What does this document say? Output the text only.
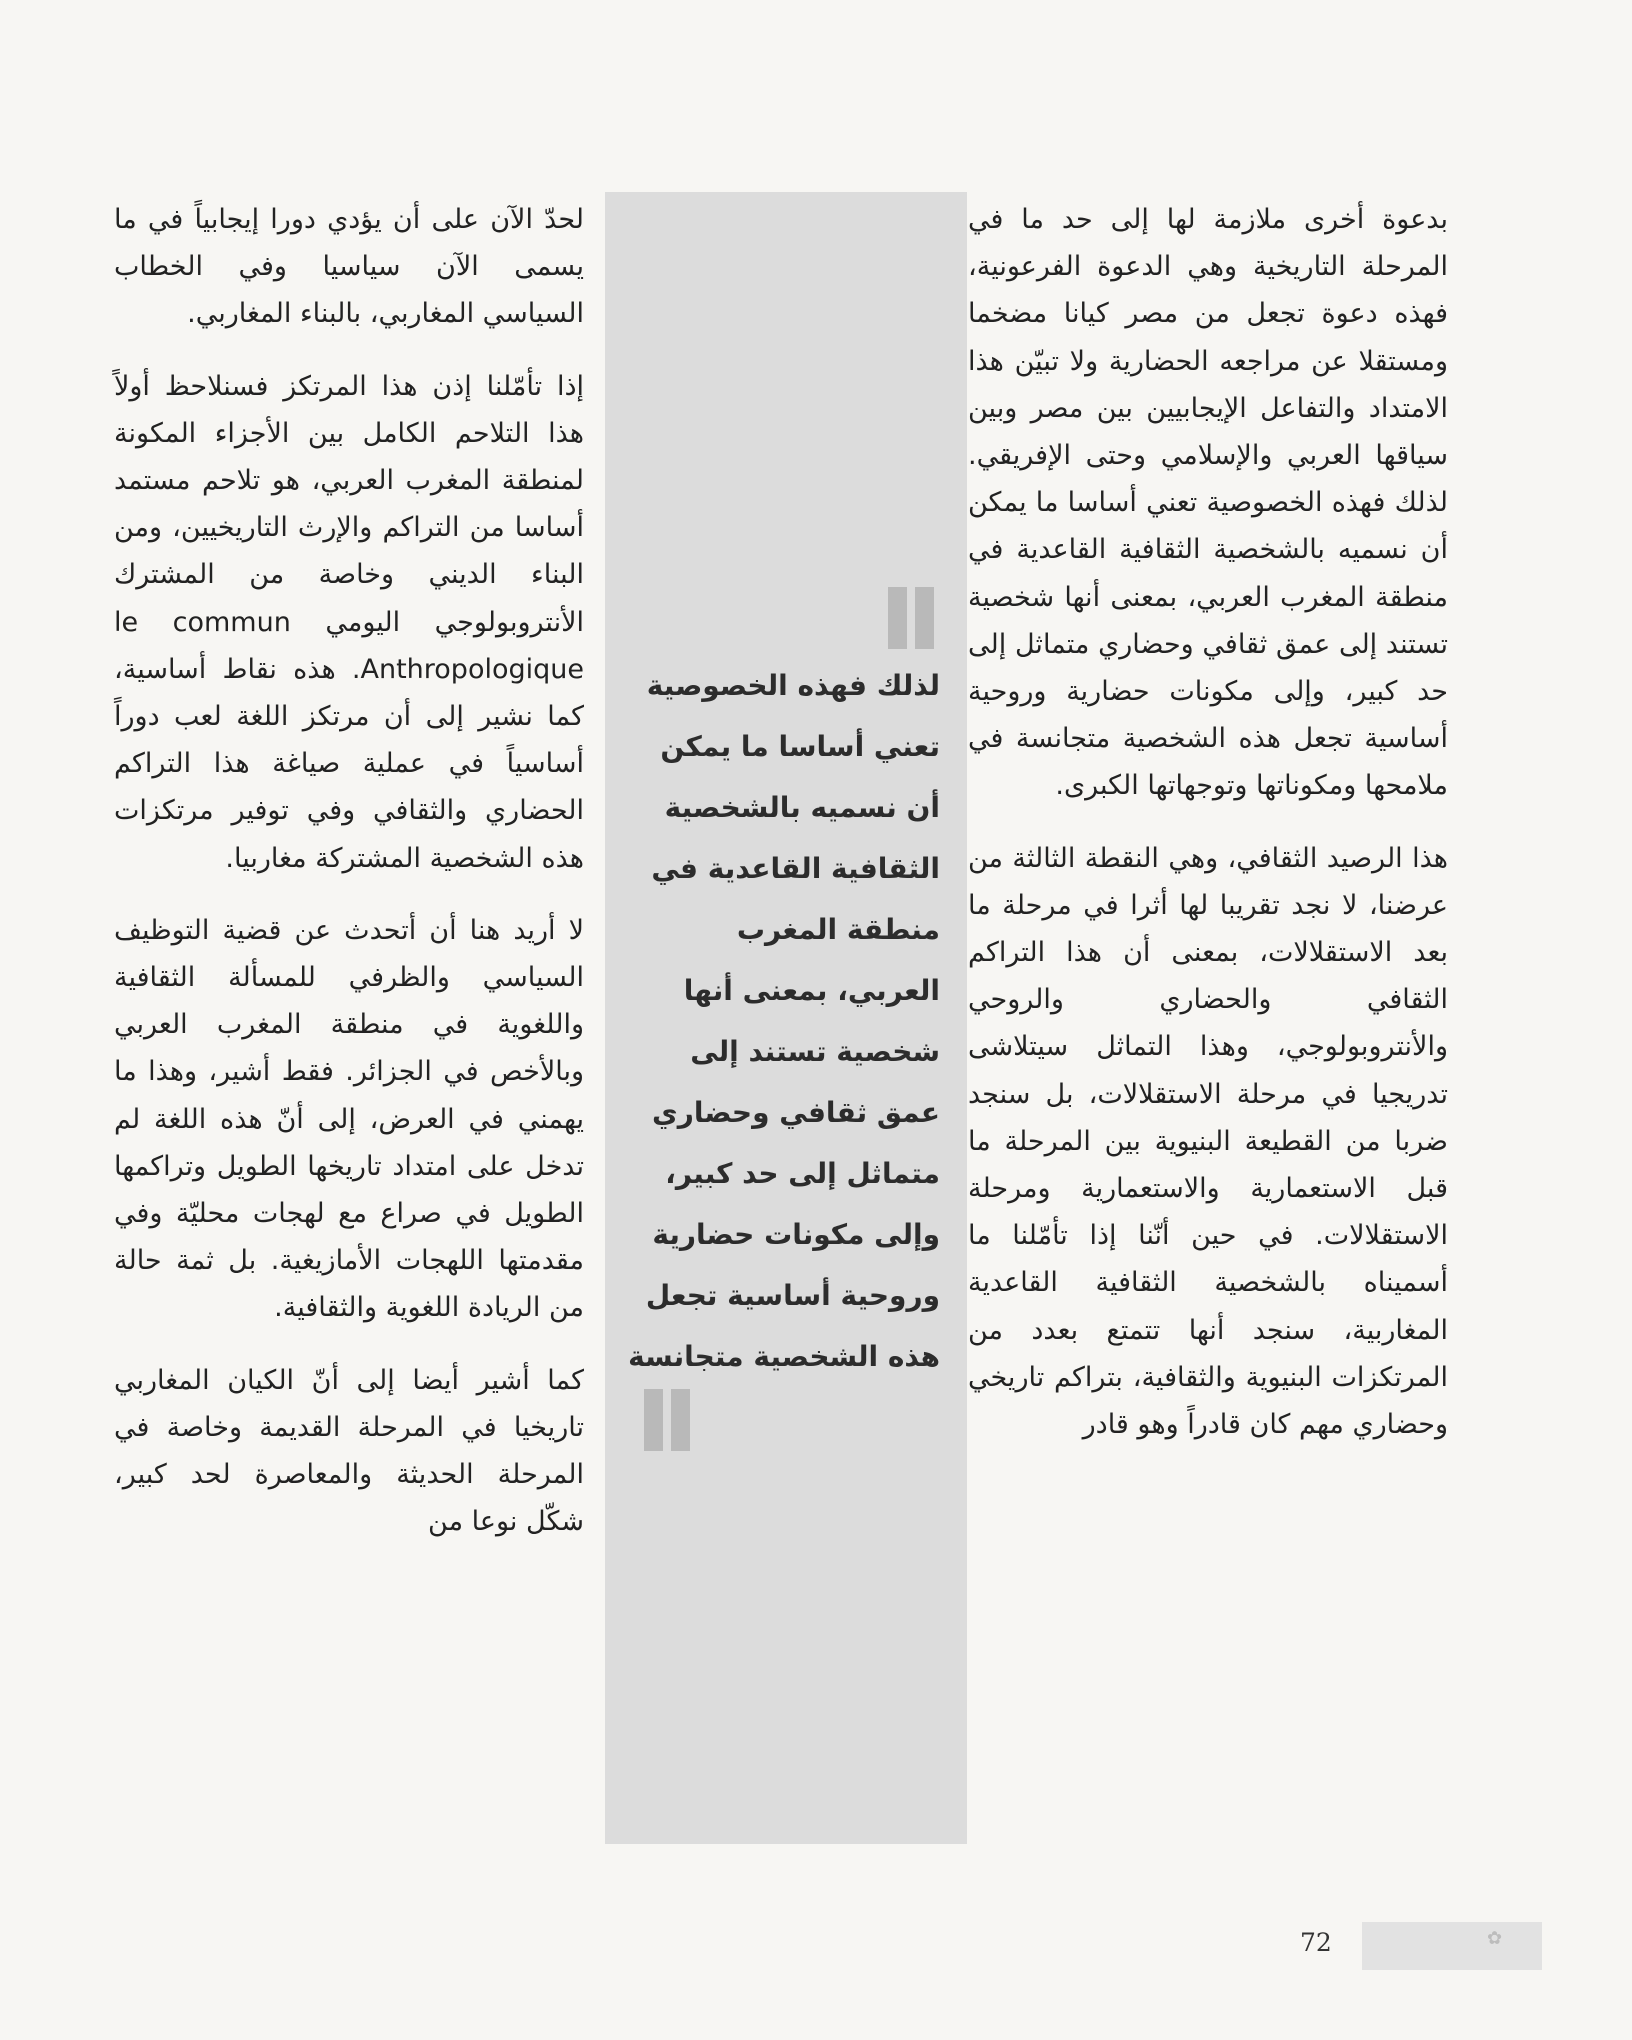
لذلك فهذه الخصوصية تعني أساسا ما يمكن أن نسميه بالشخصية الثقافية القاعدية في منطقة المغرب العربي، بمعنى أنها شخصية تستند إلى عمق ثقافي وحضاري متماثل إلى حد كبير، وإلى مكونات حضارية وروحية أساسية تجعل هذه الشخصية متجانسة

بدعوة أخرى ملازمة لها إلى حد ما في المرحلة التاريخية وهي الدعوة الفرعونية، فهذه دعوة تجعل من مصر كيانا مضخما ومستقلا عن مراجعه الحضارية ولا تبيّن هذا الامتداد والتفاعل الإيجابيين بين مصر وبين سياقها العربي والإسلامي وحتى الإفريقي. لذلك فهذه الخصوصية تعني أساسا ما يمكن أن نسميه بالشخصية الثقافية القاعدية في منطقة المغرب العربي، بمعنى أنها شخصية تستند إلى عمق ثقافي وحضاري متماثل إلى حد كبير، وإلى مكونات حضارية وروحية أساسية تجعل هذه الشخصية متجانسة في ملامحها ومكوناتها وتوجهاتها الكبرى.

هذا الرصيد الثقافي، وهي النقطة الثالثة من عرضنا، لا نجد تقريبا لها أثرا في مرحلة ما بعد الاستقلالات، بمعنى أن هذا التراكم الثقافي والحضاري والروحي والأنتروبولوجي، وهذا التماثل سيتلاشى تدريجيا في مرحلة الاستقلالات، بل سنجد ضربا من القطيعة البنيوية بين المرحلة ما قبل الاستعمارية والاستعمارية ومرحلة الاستقلالات. في حين أنّنا إذا تأمّلنا ما أسميناه بالشخصية الثقافية القاعدية المغاربية، سنجد أنها تتمتع بعدد من المرتكزات البنيوية والثقافية، بتراكم تاريخي وحضاري مهم كان قادراً وهو قادر

لحدّ الآن على أن يؤدي دورا إيجابياً في ما يسمى الآن سياسيا وفي الخطاب السياسي المغاربي، بالبناء المغاربي.

إذا تأمّلنا إذن هذا المرتكز فسنلاحظ أولاً هذا التلاحم الكامل بين الأجزاء المكونة لمنطقة المغرب العربي، هو تلاحم مستمد أساسا من التراكم والإرث التاريخيين، ومن البناء الديني وخاصة من المشترك الأنتروبولوجي اليومي le commun Anthropologique. هذه نقاط أساسية، كما نشير إلى أن مرتكز اللغة لعب دوراً أساسياً في عملية صياغة هذا التراكم الحضاري والثقافي وفي توفير مرتكزات هذه الشخصية المشتركة مغاربيا.

لا أريد هنا أن أتحدث عن قضية التوظيف السياسي والظرفي للمسألة الثقافية واللغوية في منطقة المغرب العربي وبالأخص في الجزائر. فقط أشير، وهذا ما يهمني في العرض، إلى أنّ هذه اللغة لم تدخل على امتداد تاريخها الطويل وتراكمها الطويل في صراع مع لهجات محليّة وفي مقدمتها اللهجات الأمازيغية. بل ثمة حالة من الريادة اللغوية والثقافية.

كما أشير أيضا إلى أنّ الكيان المغاربي تاريخيا في المرحلة القديمة وخاصة في المرحلة الحديثة والمعاصرة لحد كبير، شكّل نوعا من

✿
72
